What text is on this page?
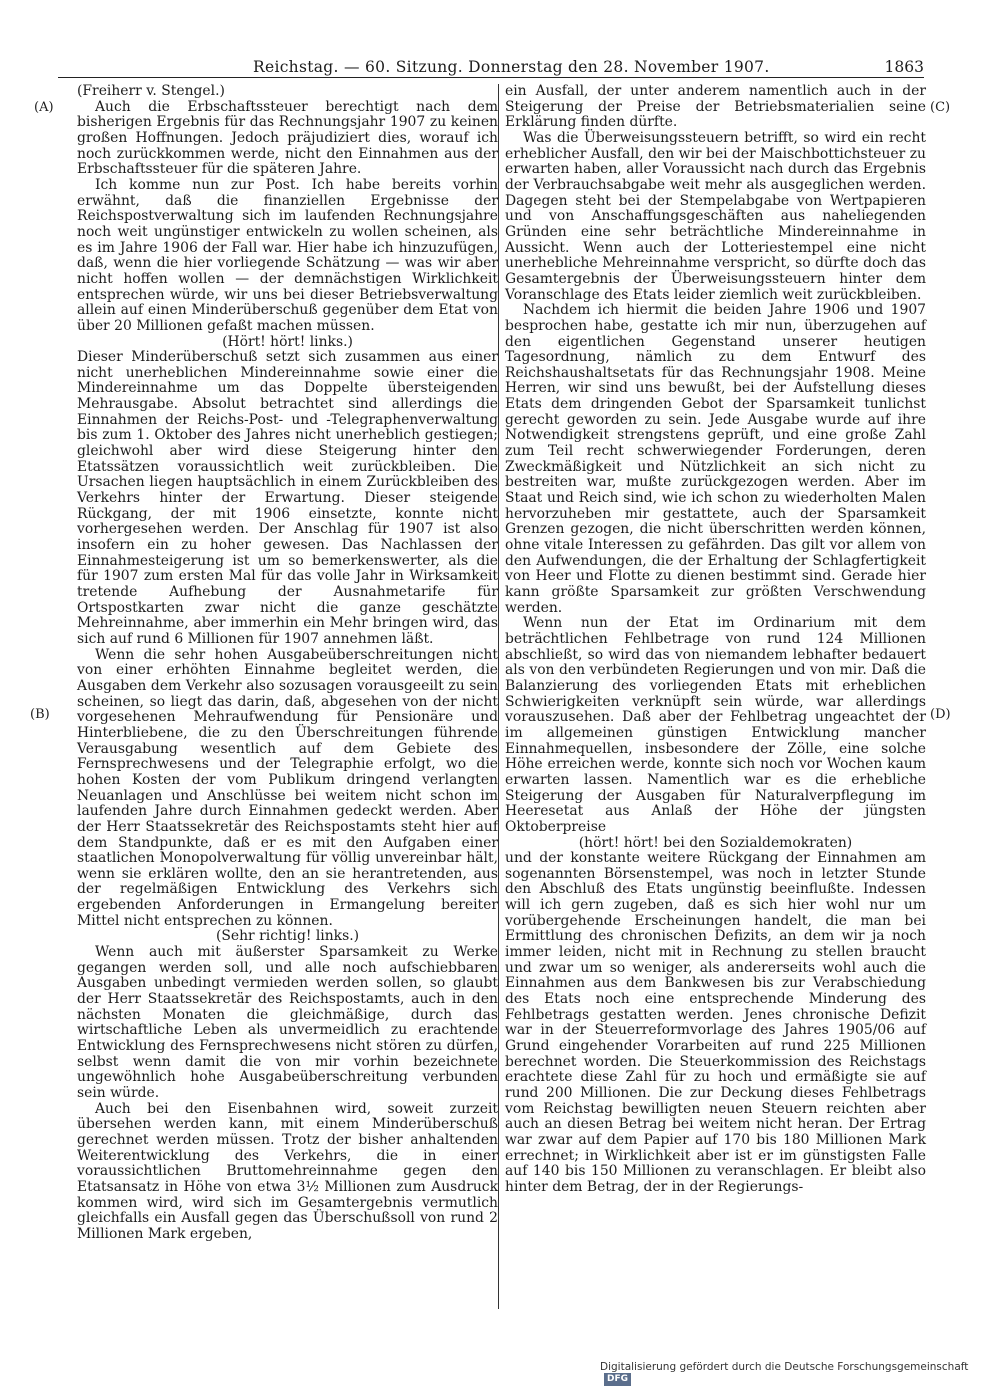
Reichstag. — 60. Sitzung. Donnerstag den 28. November 1907.	1863
(A)
(B)
(C)
(D)

(Freiherr v. Stengel.)

Auch die Erbschaftssteuer berechtigt nach dem bisherigen Ergebnis für das Rechnungsjahr 1907 zu keinen großen Hoffnungen. Jedoch präjudiziert dies, worauf ich noch zurückkommen werde, nicht den Einnahmen aus der Erbschaftssteuer für die späteren Jahre.

Ich komme nun zur Post. Ich habe bereits vorhin erwähnt, daß die finanziellen Ergebnisse der Reichspostverwaltung sich im laufenden Rechnungsjahre noch weit ungünstiger entwickeln zu wollen scheinen, als es im Jahre 1906 der Fall war. Hier habe ich hinzuzufügen, daß, wenn die hier vorliegende Schätzung — was wir aber nicht hoffen wollen — der demnächstigen Wirklichkeit entsprechen würde, wir uns bei dieser Betriebsverwaltung allein auf einen Minderüberschuß gegenüber dem Etat von über 20 Millionen gefaßt machen müssen.

(Hört! hört! links.)

Dieser Minderüberschuß setzt sich zusammen aus einer nicht unerheblichen Mindereinnahme sowie einer die Mindereinnahme um das Doppelte übersteigenden Mehrausgabe. Absolut betrachtet sind allerdings die Einnahmen der Reichs-Post- und -Telegraphenverwaltung bis zum 1. Oktober des Jahres nicht unerheblich gestiegen; gleichwohl aber wird diese Steigerung hinter den Etatssätzen voraussichtlich weit zurückbleiben. Die Ursachen liegen hauptsächlich in einem Zurückbleiben des Verkehrs hinter der Erwartung. Dieser steigende Rückgang, der mit 1906 einsetzte, konnte nicht vorhergesehen werden. Der Anschlag für 1907 ist also insofern ein zu hoher gewesen. Das Nachlassen der Einnahmesteigerung ist um so bemerkenswerter, als die für 1907 zum ersten Mal für das volle Jahr in Wirksamkeit tretende Aufhebung der Ausnahmetarife für Ortspostkarten zwar nicht die ganze geschätzte Mehreinnahme, aber immerhin ein Mehr bringen wird, das sich auf rund 6 Millionen für 1907 annehmen läßt.

Wenn die sehr hohen Ausgabeüberschreitungen nicht von einer erhöhten Einnahme begleitet werden, die Ausgaben dem Verkehr also sozusagen vorausgeeilt zu sein scheinen, so liegt das darin, daß, abgesehen von der nicht vorgesehenen Mehraufwendung für Pensionäre und Hinterbliebene, die zu den Überschreitungen führende Verausgabung wesentlich auf dem Gebiete des Fernsprechwesens und der Telegraphie erfolgt, wo die hohen Kosten der vom Publikum dringend verlangten Neuanlagen und Anschlüsse bei weitem nicht schon im laufenden Jahre durch Einnahmen gedeckt werden. Aber der Herr Staatssekretär des Reichspostamts steht hier auf dem Standpunkte, daß er es mit den Aufgaben einer staatlichen Monopolverwaltung für völlig unvereinbar hält, wenn sie erklären wollte, den an sie herantretenden, aus der regelmäßigen Entwicklung des Verkehrs sich ergebenden Anforderungen in Ermangelung bereiter Mittel nicht entsprechen zu können.

(Sehr richtig! links.)

Wenn auch mit äußerster Sparsamkeit zu Werke gegangen werden soll, und alle noch aufschiebbaren Ausgaben unbedingt vermieden werden sollen, so glaubt der Herr Staatssekretär des Reichspostamts, auch in den nächsten Monaten die gleichmäßige, durch das wirtschaftliche Leben als unvermeidlich zu erachtende Entwicklung des Fernsprechwesens nicht stören zu dürfen, selbst wenn damit die von mir vorhin bezeichnete ungewöhnlich hohe Ausgabeüberschreitung verbunden sein würde.

Auch bei den Eisenbahnen wird, soweit zurzeit übersehen werden kann, mit einem Minderüberschuß gerechnet werden müssen. Trotz der bisher anhaltenden Weiterentwicklung des Verkehrs, die in einer voraussichtlichen Bruttomehreinnahme gegen den Etatsansatz in Höhe von etwa 3½ Millionen zum Ausdruck kommen wird, wird sich im Gesamtergebnis vermutlich gleichfalls ein Ausfall gegen das Überschußsoll von rund 2 Millionen Mark ergeben,

ein Ausfall, der unter anderem namentlich auch in der Steigerung der Preise der Betriebsmaterialien seine Erklärung finden dürfte.

Was die Überweisungssteuern betrifft, so wird ein recht erheblicher Ausfall, den wir bei der Maischbottichsteuer zu erwarten haben, aller Voraussicht nach durch das Ergebnis der Verbrauchsabgabe weit mehr als ausgeglichen werden. Dagegen steht bei der Stempelabgabe von Wertpapieren und von Anschaffungsgeschäften aus naheliegenden Gründen eine sehr beträchtliche Mindereinnahme in Aussicht. Wenn auch der Lotteriestempel eine nicht unerhebliche Mehreinnahme verspricht, so dürfte doch das Gesamtergebnis der Überweisungssteuern hinter dem Voranschlage des Etats leider ziemlich weit zurückbleiben.

Nachdem ich hiermit die beiden Jahre 1906 und 1907 besprochen habe, gestatte ich mir nun, überzugehen auf den eigentlichen Gegenstand unserer heutigen Tagesordnung, nämlich zu dem Entwurf des Reichshaushaltsetats für das Rechnungsjahr 1908. Meine Herren, wir sind uns bewußt, bei der Aufstellung dieses Etats dem dringenden Gebot der Sparsamkeit tunlichst gerecht geworden zu sein. Jede Ausgabe wurde auf ihre Notwendigkeit strengstens geprüft, und eine große Zahl zum Teil recht schwerwiegender Forderungen, deren Zweckmäßigkeit und Nützlichkeit an sich nicht zu bestreiten war, mußte zurückgezogen werden. Aber im Staat und Reich sind, wie ich schon zu wiederholten Malen hervorzuheben mir gestattete, auch der Sparsamkeit Grenzen gezogen, die nicht überschritten werden können, ohne vitale Interessen zu gefährden. Das gilt vor allem von den Aufwendungen, die der Erhaltung der Schlagfertigkeit von Heer und Flotte zu dienen bestimmt sind. Gerade hier kann größte Sparsamkeit zur größten Verschwendung werden.

Wenn nun der Etat im Ordinarium mit dem beträchtlichen Fehlbetrage von rund 124 Millionen abschließt, so wird das von niemandem lebhafter bedauert als von den verbündeten Regierungen und von mir. Daß die Balanzierung des vorliegenden Etats mit erheblichen Schwierigkeiten verknüpft sein würde, war allerdings vorauszusehen. Daß aber der Fehlbetrag ungeachtet der im allgemeinen günstigen Entwicklung mancher Einnahmequellen, insbesondere der Zölle, eine solche Höhe erreichen werde, konnte sich noch vor Wochen kaum erwarten lassen. Namentlich war es die erhebliche Steigerung der Ausgaben für Naturalverpflegung im Heeresetat aus Anlaß der Höhe der jüngsten Oktoberpreise

(hört! hört! bei den Sozialdemokraten)

und der konstante weitere Rückgang der Einnahmen am sogenannten Börsenstempel, was noch in letzter Stunde den Abschluß des Etats ungünstig beeinflußte. Indessen will ich gern zugeben, daß es sich hier wohl nur um vorübergehende Erscheinungen handelt, die man bei Ermittlung des chronischen Defizits, an dem wir ja noch immer leiden, nicht mit in Rechnung zu stellen braucht und zwar um so weniger, als andererseits wohl auch die Einnahmen aus dem Bankwesen bis zur Verabschiedung des Etats noch eine entsprechende Minderung des Fehlbetrags gestatten werden. Jenes chronische Defizit war in der Steuerreformvorlage des Jahres 1905/06 auf Grund eingehender Vorarbeiten auf rund 225 Millionen berechnet worden. Die Steuerkommission des Reichstags erachtete diese Zahl für zu hoch und ermäßigte sie auf rund 200 Millionen. Die zur Deckung dieses Fehlbetrags vom Reichstag bewilligten neuen Steuern reichten aber auch an diesen Betrag bei weitem nicht heran. Der Ertrag war zwar auf dem Papier auf 170 bis 180 Millionen Mark errechnet; in Wirklichkeit aber ist er im günstigsten Falle auf 140 bis 150 Millionen zu veranschlagen. Er bleibt also hinter dem Betrag, der in der Regierungs-

Digitalisierung gefördert durch die Deutsche Forschungsgemeinschaft DFG
